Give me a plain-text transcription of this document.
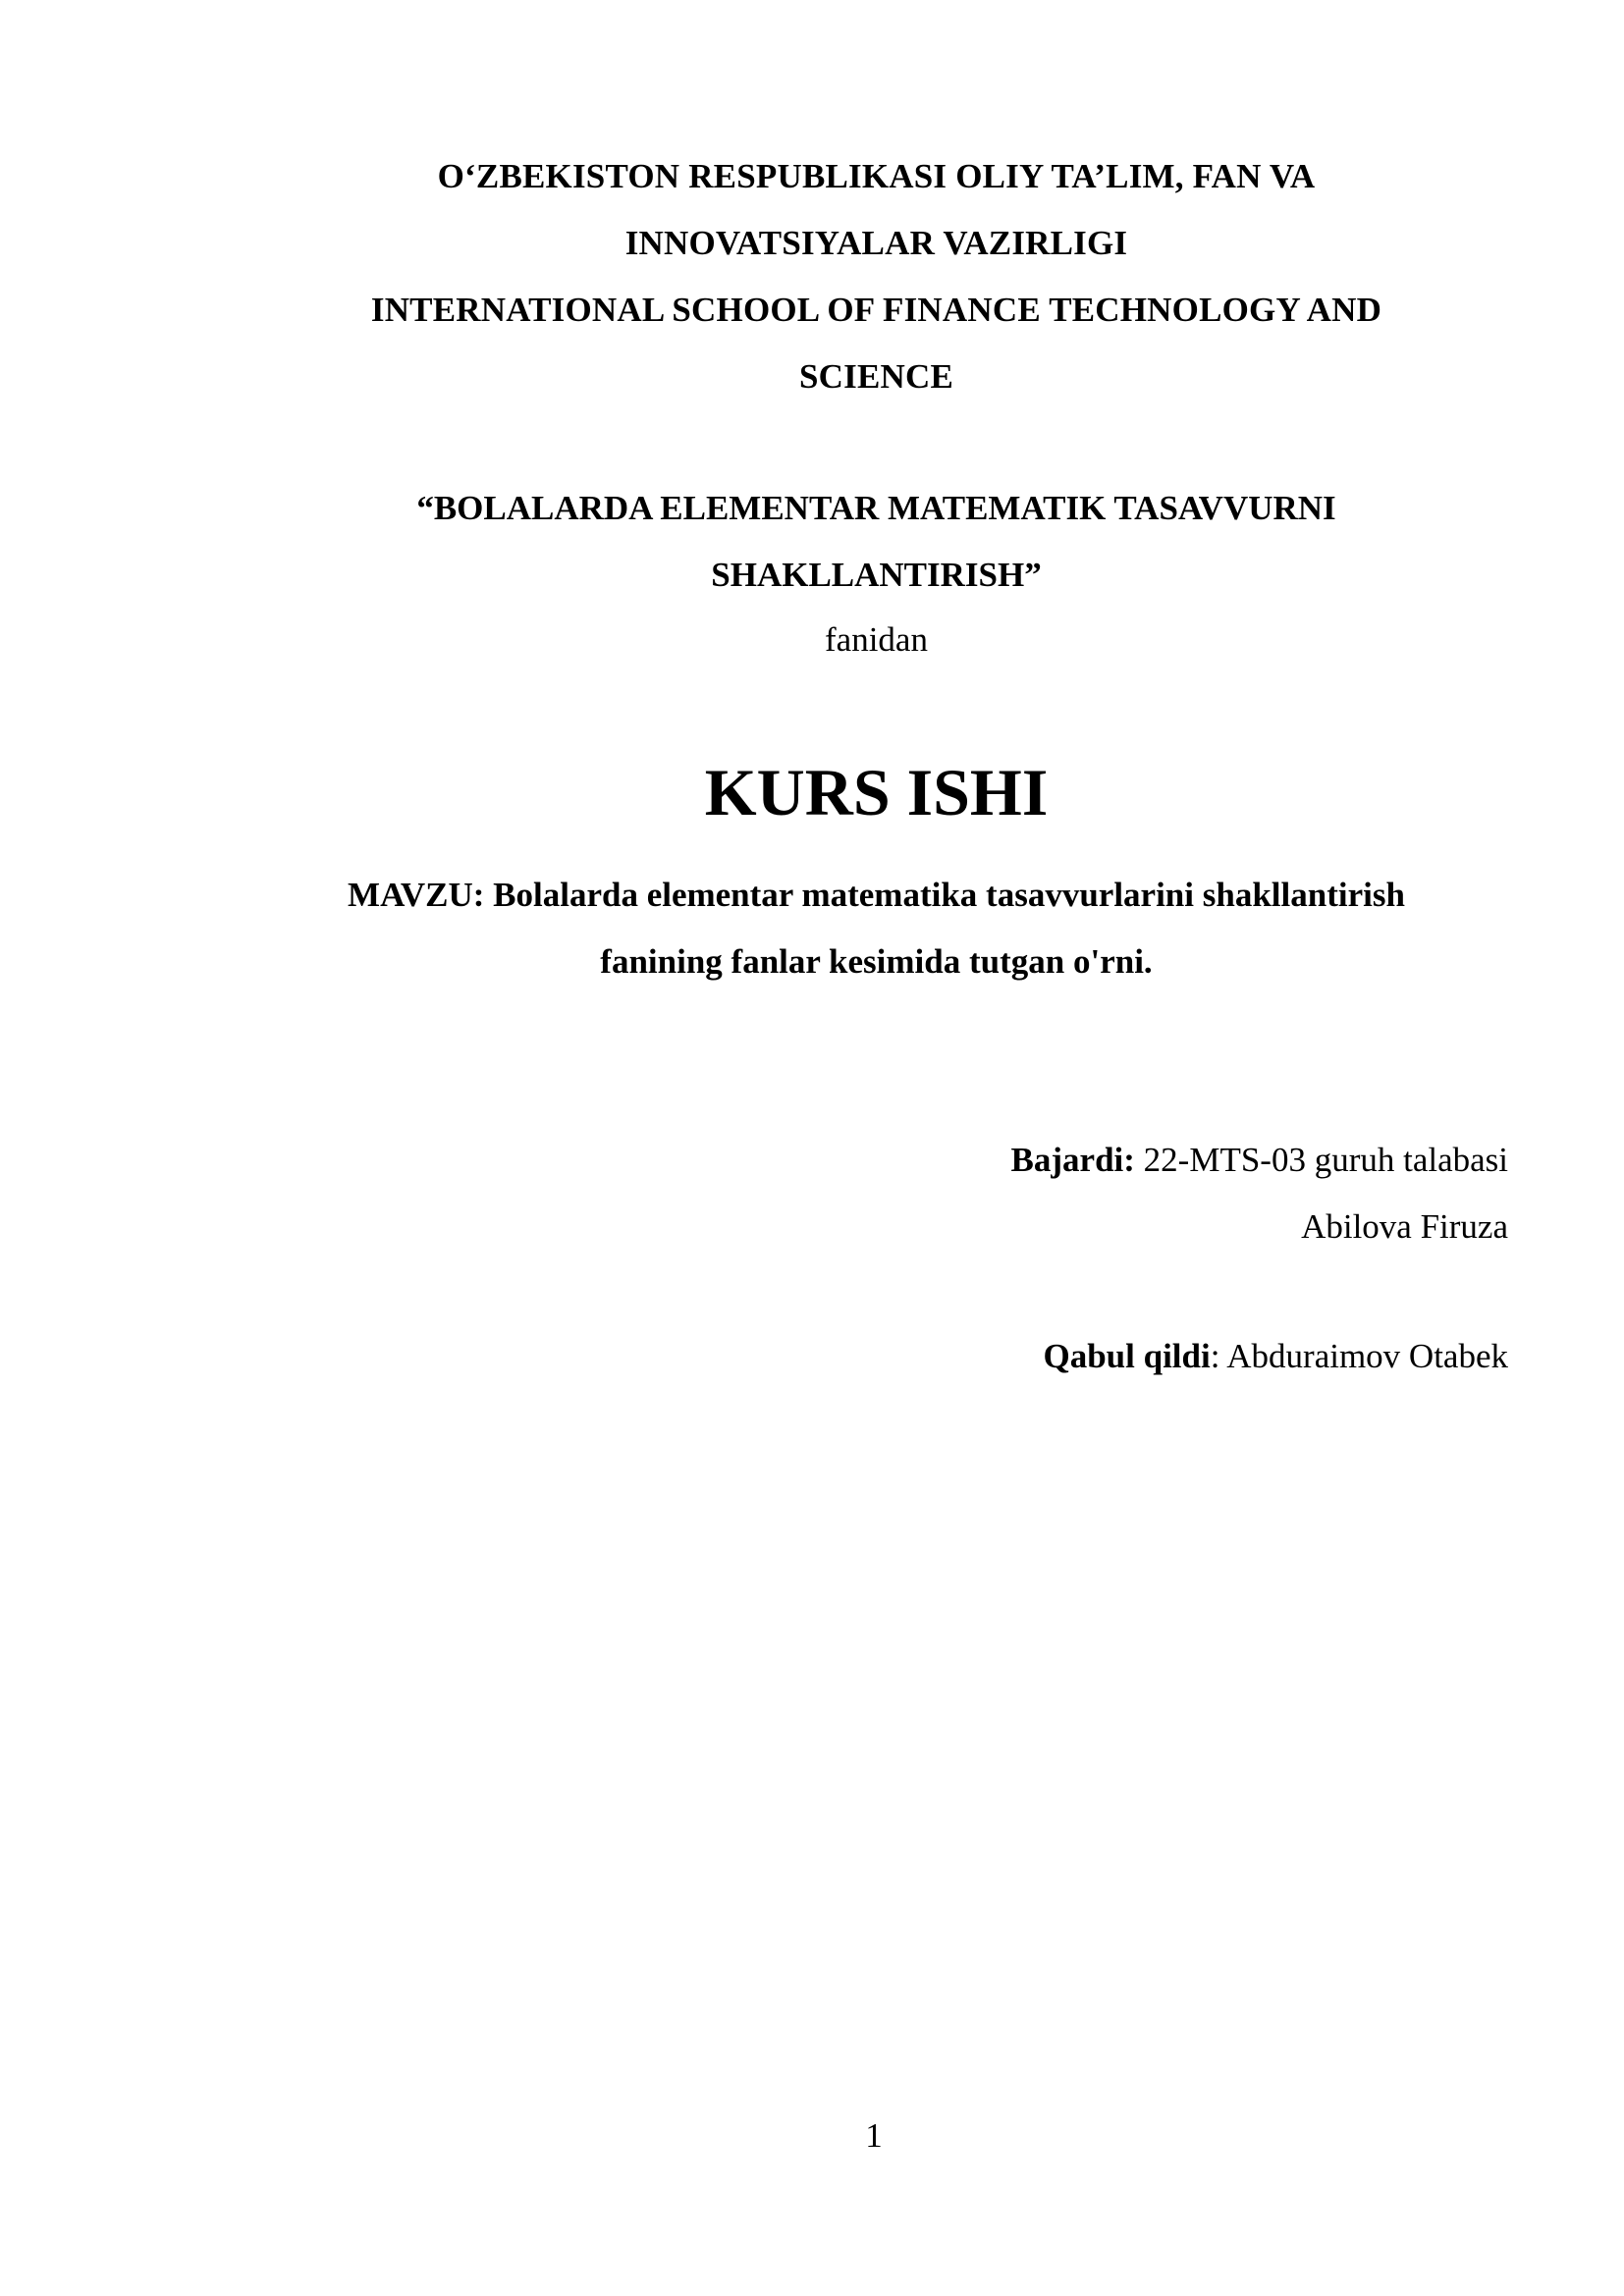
O‘ZBEKISTON RESPUBLIKASI OLIY TA’LIM, FAN VA
INNOVATSIYALAR VAZIRLIGI
INTERNATIONAL SCHOOL OF FINANCE TECHNOLOGY AND
SCIENCE
“BOLALARDA ELEMENTAR MATEMATIK TASAVVURNI
SHAKLLANTIRISH”
fanidan
KURS ISHI
MAVZU: Bolalarda elementar matematika tasavvurlarini shakllantirish
fanining fanlar kesimida tutgan o'rni.
Bajardi: 22-MTS-03 guruh talabasi
Abilova Firuza
Qabul qildi: Abduraimov Otabek
1
